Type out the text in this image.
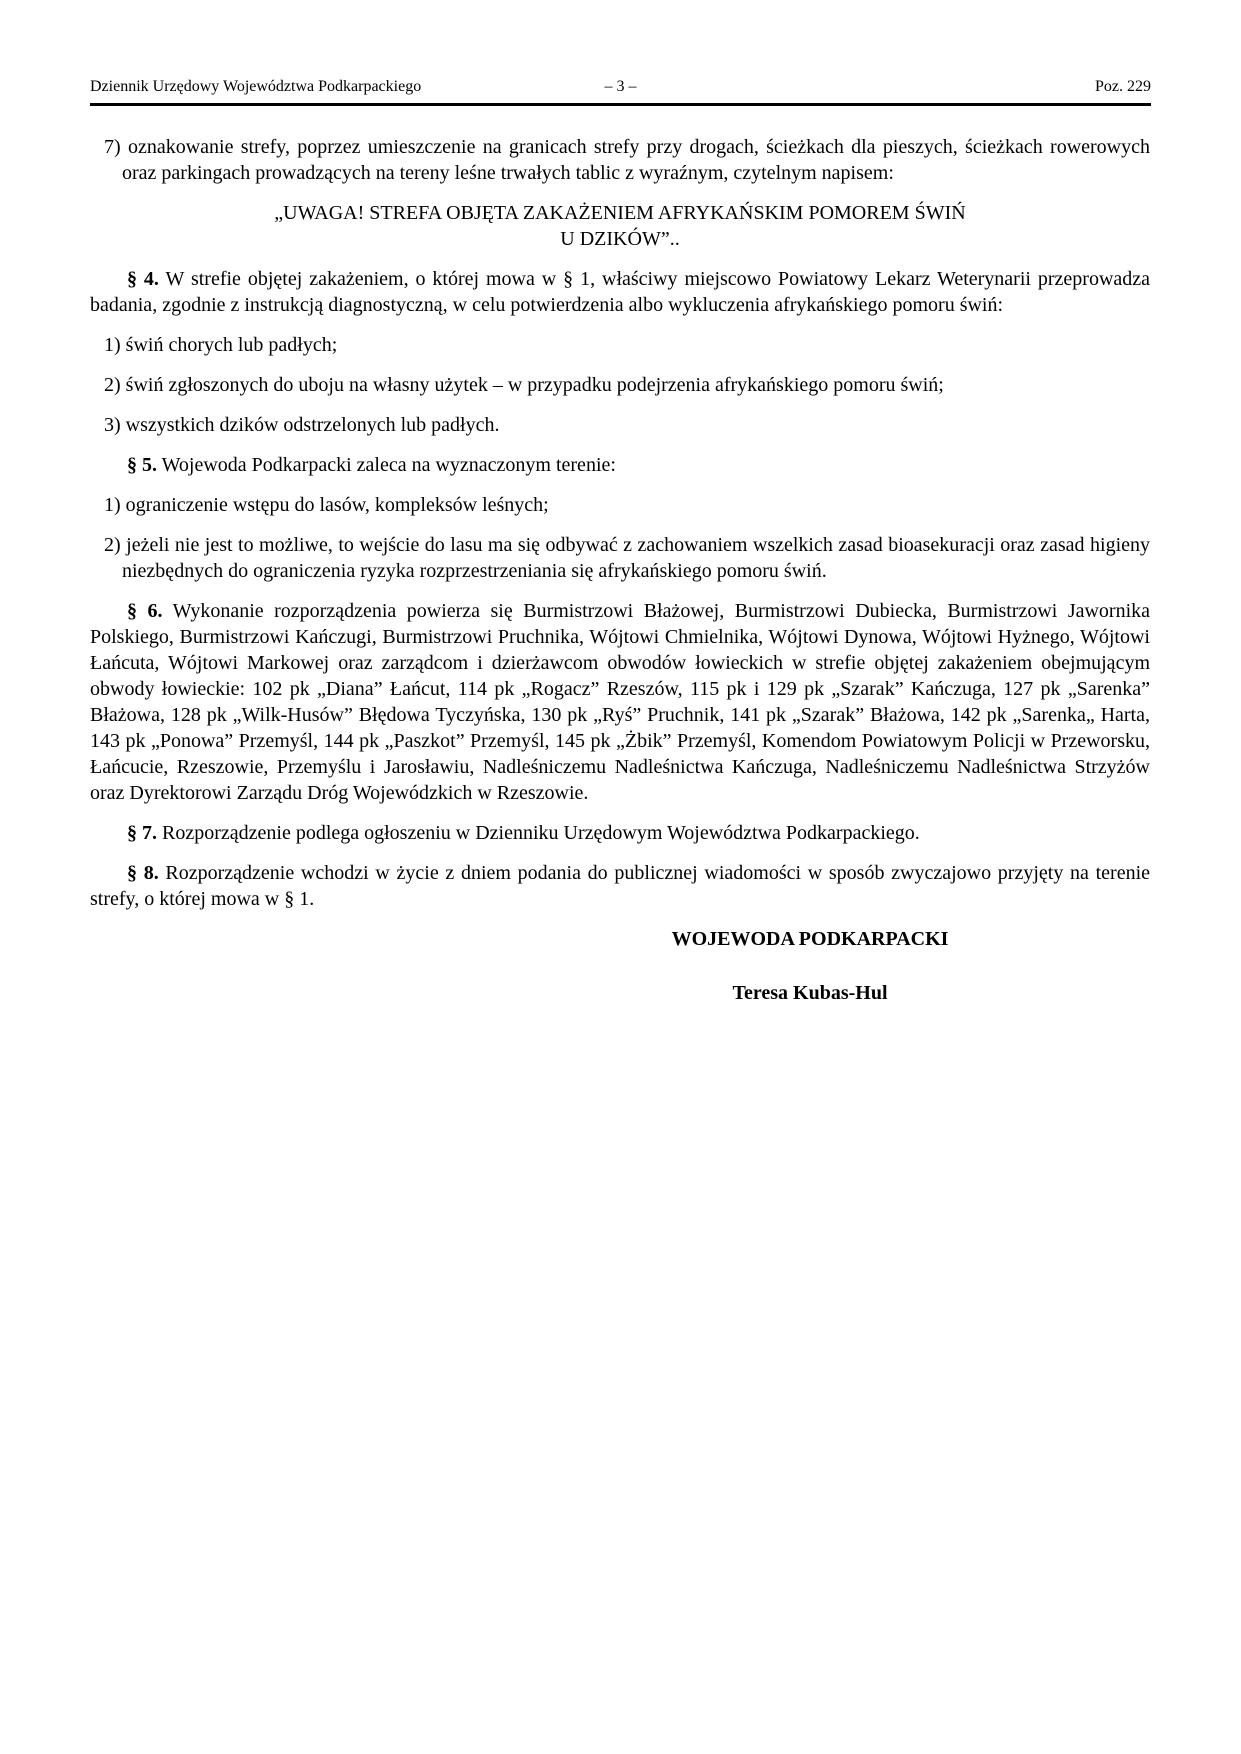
Dziennik Urzędowy Województwa Podkarpackiego	– 3 –	Poz. 229
7) oznakowanie strefy, poprzez umieszczenie na granicach strefy przy drogach, ścieżkach dla pieszych, ścieżkach rowerowych oraz parkingach prowadzących na tereny leśne trwałych tablic z wyraźnym, czytelnym napisem:
„UWAGA! STREFA OBJĘTA ZAKAŻENIEM AFRYKAŃSKIM POMOREM ŚWIŃ
U DZIKÓW”..
§ 4. W strefie objętej zakażeniem, o której mowa w § 1, właściwy miejscowo Powiatowy Lekarz Weterynarii przeprowadza badania, zgodnie z instrukcją diagnostyczną, w celu potwierdzenia albo wykluczenia afrykańskiego pomoru świń:
1) świń chorych lub padłych;
2) świń zgłoszonych do uboju na własny użytek – w przypadku podejrzenia afrykańskiego pomoru świń;
3) wszystkich dzików odstrzelonych lub padłych.
§ 5. Wojewoda Podkarpacki zaleca na wyznaczonym terenie:
1) ograniczenie wstępu do lasów, kompleksów leśnych;
2) jeżeli nie jest to możliwe, to wejście do lasu ma się odbywać z zachowaniem wszelkich zasad bioasekuracji oraz zasad higieny niezbędnych do ograniczenia ryzyka rozprzestrzeniania się afrykańskiego pomoru świń.
§ 6. Wykonanie rozporządzenia powierza się Burmistrzowi Błażowej, Burmistrzowi Dubiecka, Burmistrzowi Jawornika Polskiego, Burmistrzowi Kańczugi, Burmistrzowi Pruchnika, Wójtowi Chmielnika, Wójtowi Dynowa, Wójtowi Hyżnego, Wójtowi Łańcuta, Wójtowi Markowej oraz zarządcom i dzierżawcom obwodów łowieckich w strefie objętej zakażeniem obejmującym obwody łowieckie: 102 pk „Diana” Łańcut, 114 pk „Rogacz” Rzeszów, 115 pk i 129 pk „Szarak” Kańczuga, 127 pk „Sarenka” Błażowa, 128 pk „Wilk-Husów” Błędowa Tyczyńska, 130 pk „Ryś” Pruchnik, 141 pk „Szarak” Błażowa, 142 pk „Sarenka„ Harta, 143 pk „Ponowa” Przemyśl, 144 pk „Paszkot” Przemyśl, 145 pk „Żbik” Przemyśl, Komendom Powiatowym Policji w Przeworsku, Łańcucie, Rzeszowie, Przemyślu i Jarosławiu, Nadleśniczemu Nadleśnictwa Kańczuga, Nadleśniczemu Nadleśnictwa Strzyżów oraz Dyrektorowi Zarządu Dróg Wojewódzkich w Rzeszowie.
§ 7. Rozporządzenie podlega ogłoszeniu w Dzienniku Urzędowym Województwa Podkarpackiego.
§ 8. Rozporządzenie wchodzi w życie z dniem podania do publicznej wiadomości w sposób zwyczajowo przyjęty na terenie strefy, o której mowa w § 1.
WOJEWODA PODKARPACKI
Teresa Kubas-Hul
